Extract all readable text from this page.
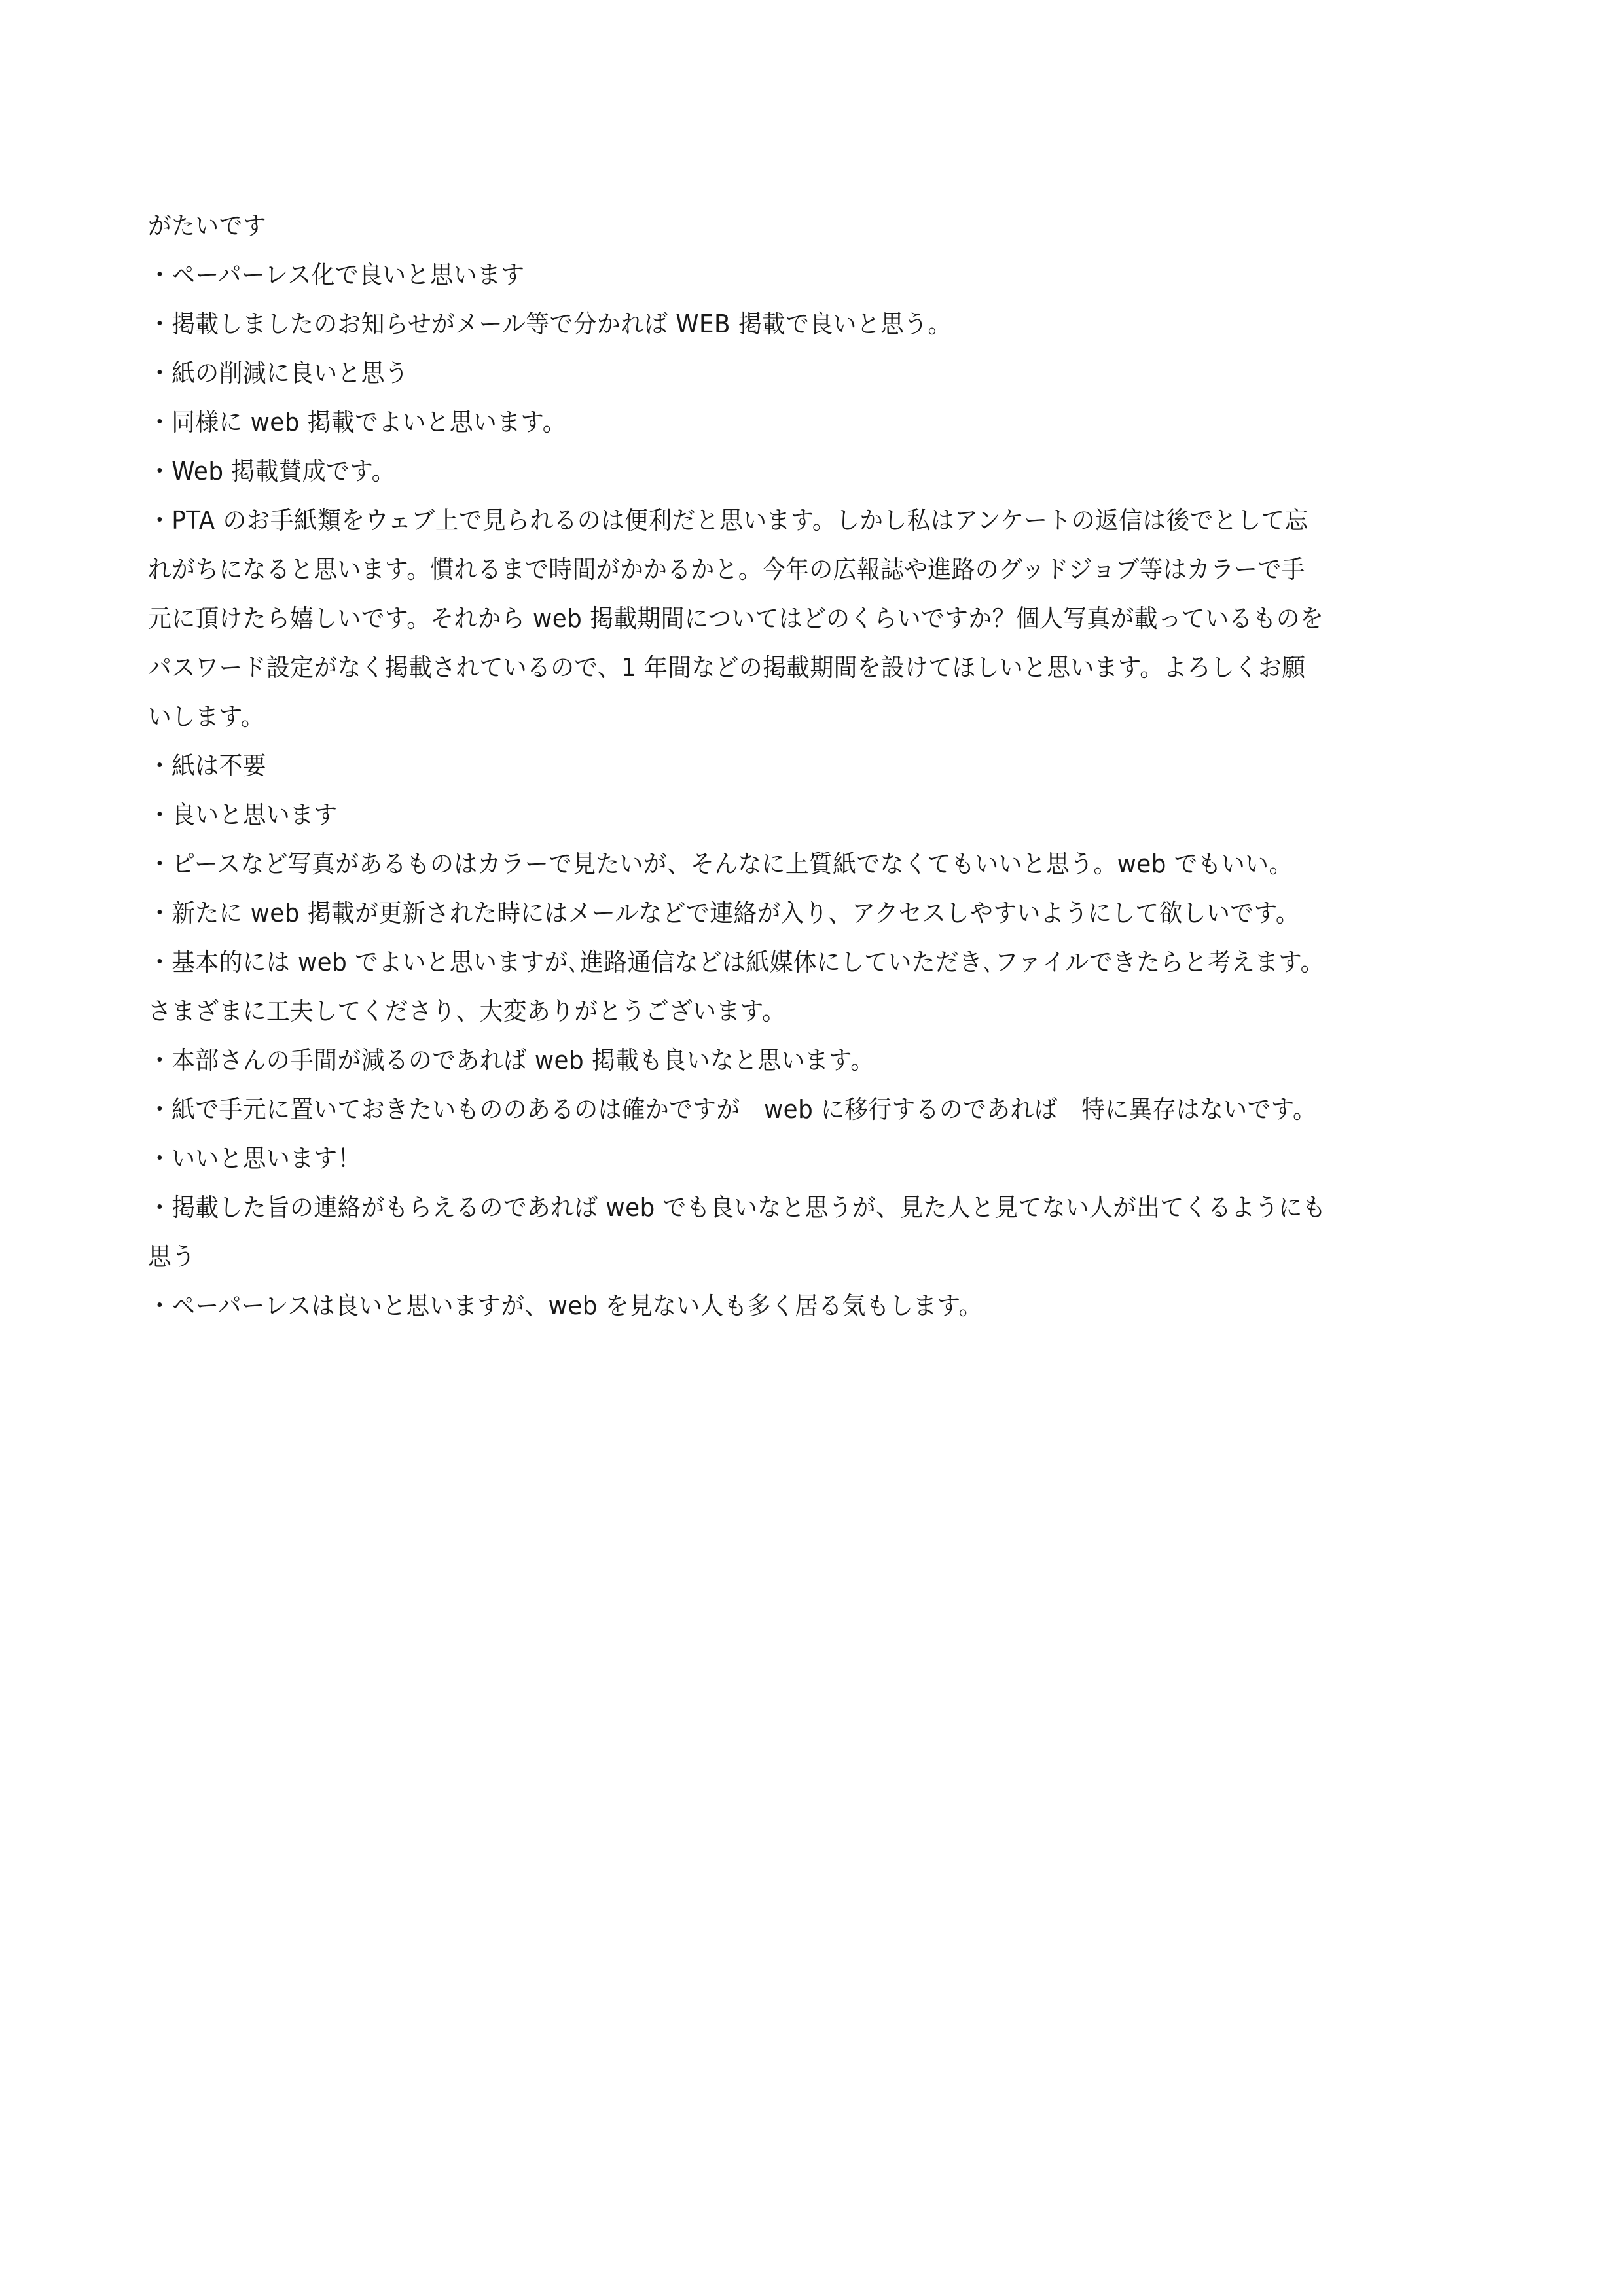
がたいです
・ペーパーレス化で良いと思います
・掲載しましたのお知らせがメール等で分かれば WEB 掲載で良いと思う。
・紙の削減に良いと思う
・同様に web 掲載でよいと思います。
・Web 掲載賛成です。
・PTA のお手紙類をウェブ上で見られるのは便利だと思います。しかし私はアンケートの返信は後でとして忘
れがちになると思います。慣れるまで時間がかかるかと。今年の広報誌や進路のグッドジョブ等はカラーで手
元に頂けたら嬉しいです。それから web 掲載期間についてはどのくらいですか？個人写真が載っているものを
パスワード設定がなく掲載されているので、1 年間などの掲載期間を設けてほしいと思います。よろしくお願
いします。
・紙は不要
・良いと思います
・ピースなど写真があるものはカラーで見たいが、そんなに上質紙でなくてもいいと思う。web でもいい。
・新たに web 掲載が更新された時にはメールなどで連絡が入り、アクセスしやすいようにして欲しいです。
・基本的には web でよいと思いますが､進路通信などは紙媒体にしていただき､ファイルできたらと考えます。
さまざまに工夫してくださり、大変ありがとうございます。
・本部さんの手間が減るのであれば web 掲載も良いなと思います。
・紙で手元に置いておきたいもののあるのは確かですが　web に移行するのであれば　特に異存はないです。
・いいと思います！
・掲載した旨の連絡がもらえるのであれば web でも良いなと思うが、見た人と見てない人が出てくるようにも
思う
・ペーパーレスは良いと思いますが、web を見ない人も多く居る気もします。
